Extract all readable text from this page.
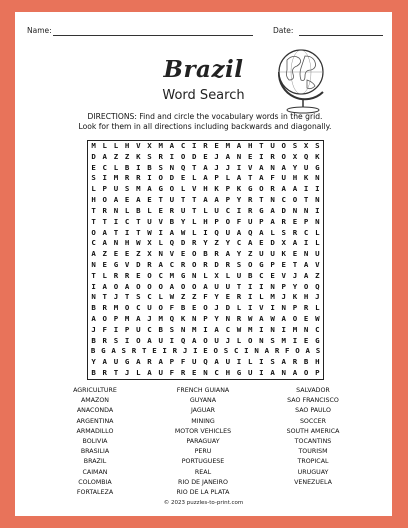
Name:	Date:
Brazil
Word Search
DIRECTIONS: Find and circle the vocabulary words in the grid.
Look for them in all directions including backwards and diagonally.
M L L H V X M A C I R E M A H T U O S X S
D A Z Z K S R I O D E J A N E I R O X Q K
E C L B I B S N Q T A J J I V A N A Y U G
S I M R R I O D E L A P L A T A F U H K N
L P U S M A G O L V H K P K G O R A A I I
H O A E A E T U T T A A P Y R T N C O T N
T R N L B L E R U T L U C I R G A D N N I
T T I C T U V B Y L H P O F U P A R E P N
O A T I T W I A W L I Q U A Q A L S R C L
C A N H W X L Q D R Y Z Y C A E D X A I L
A Z E E Z X N V E O B R A Y Z U U K E N U
N E G V D R A C R O R D R S O G P E T A V
T L R R E O C M G N L X L U B C E V J A Z
I A O A O O O A O O A U U T I I N P Y O Q
N T J T S C L W Z Z F Y E R I L M J K H J
B R M O C U O F B E O J D L I V I N P R L
A O P M A J M Q K N P Y N R W A W A O E W
J F I P U C B S N M I A C W M I N I M N C
B R S I O A U I Q A O U J L O N S M I E G
B G A S R T E I R J I E O S C I N A R F O A S
Y A U G A R A P F U Q A U I L I S A R B H
B R T J L A U F R E N C H G U I A N A O P
AGRICULTURE
AMAZON
ANACONDA
ARGENTINA
ARMADILLO
BOLIVIA
BRASILIA
BRAZIL
CAIMAN
COLOMBIA
FORTALEZA
FRENCH GUIANA
GUYANA
JAGUAR
MINING
MOTOR VEHICLES
PARAGUAY
PERU
PORTUGUESE
REAL
RIO DE JANEIRO
RIO DE LA PLATA
SALVADOR
SAO FRANCISCO
SAO PAULO
SOCCER
SOUTH AMERICA
TOCANTINS
TOURISM
TROPICAL
URUGUAY
VENEZUELA
© 2023 puzzles-to-print.com
